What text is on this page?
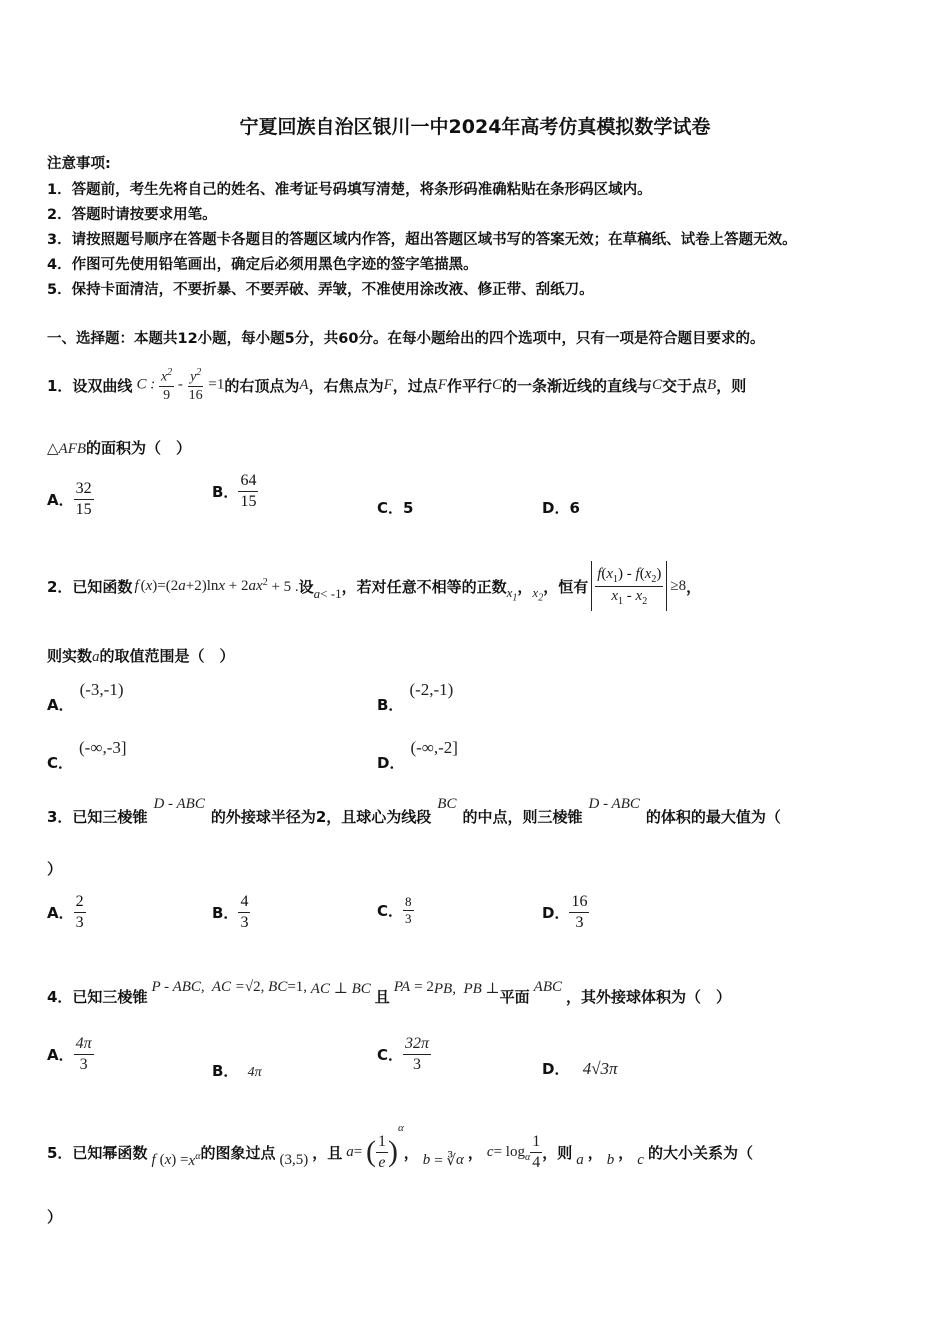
宁夏回族自治区银川一中2024年高考仿真模拟数学试卷
注意事项:
1．答题前，考生先将自己的姓名、准考证号码填写清楚，将条形码准确粘贴在条形码区域内。
2．答题时请按要求用笔。
3．请按照题号顺序在答题卡各题目的答题区域内作答，超出答题区域书写的答案无效；在草稿纸、试卷上答题无效。
4．作图可先使用铅笔画出，确定后必须用黑色字迹的签字笔描黑。
5．保持卡面清洁，不要折暴、不要弄破、弄皱，不准使用涂改液、修正带、刮纸刀。
一、选择题：本题共12小题，每小题5分，共60分。在每小题给出的四个选项中，只有一项是符合题目要求的。
1．设双曲线 C : $\frac{x^2}{9} - \frac{y^2}{16} =1$ 的右顶点为 A ，右焦点为 F ，过点 F 作平行 C 的一条渐近线的直线与 C 交于点 B ，则
△AFB的面积为（　）
A． $\frac{32}{15}$	B． $\frac{64}{15}$	C．5	D．6
2．已知函数 f ( x )=(2 a +2)ln x + 2 ax $^2$ + 5 . 设 a < -1 ，若对任意不相等的正数 $x_1$
， $x_2$
，恒有 $\frac{f(x_1) - f(x_2)}{x_1 - x_2} \ge 8$ ，
则实数a的取值范围是（　）
A．
(-3,-1)
B．
(-2,-1)
C．
(-∞,-3]
D．
(-∞,-2]
3．已知三棱锥
D - ABC
的外接球半径为2，且球心为线段
BC
的中点，则三棱锥
D - ABC
的体积的最大值为（
）
A． $\frac{2}{3}$	B． $\frac{4}{3}$	C． $\frac{8}{3}$	D． $\frac{16}{3}$
4．已知三棱锥
P - ABC,  AC = √2, BC =1, AC ⊥ BC 且
PA = 2 PB,  PB ⊥ 平面
ABC
，其外接球体积为（　）
A． $\frac{4\pi}{3}$	B． 4π
C． $\frac{32\pi}{3}$	D． 4√3π
5．已知幂函数 f ( x ) = $x^\alpha$ 的图象过点 (3,5) ，且 a = ( $\frac{1}{e}$ )
α
， b = ∛ α ， c = log α $\frac{1}{4}$ ，则 a ， b ， c 的大小关系为（
）
